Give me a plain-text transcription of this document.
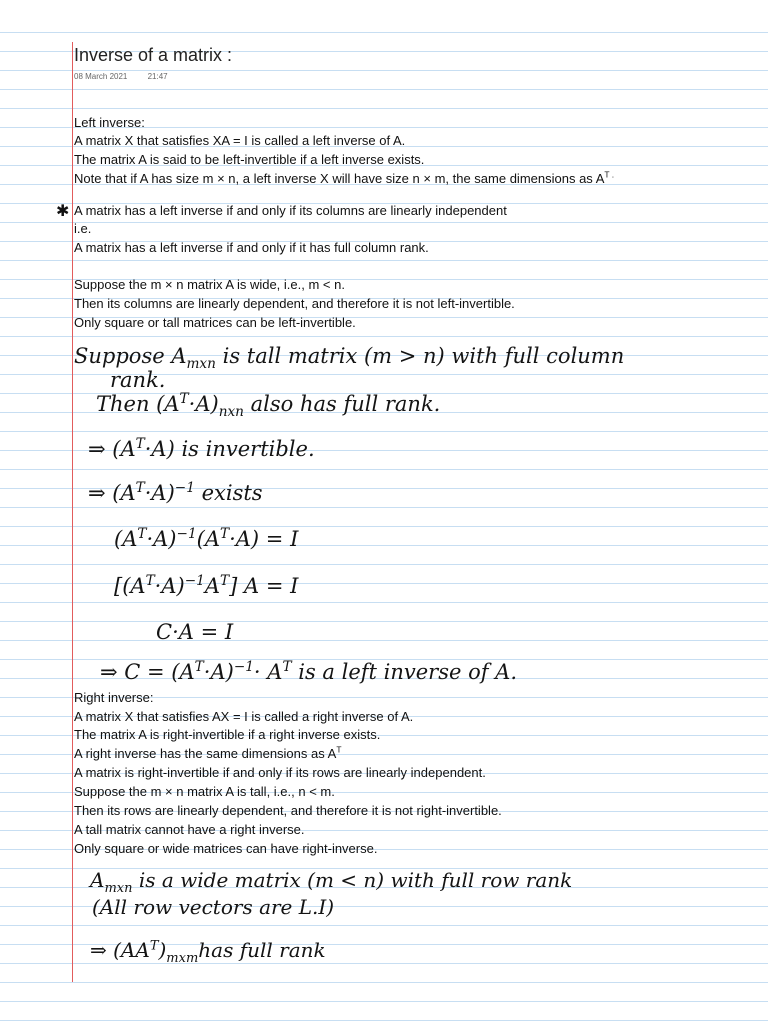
Inverse of a matrix :
08 March 2021	21:47
Left inverse:
A matrix X that satisfies XA = I is called a left inverse of A.
The matrix A is said to be left-invertible if a left inverse exists.
Note that if A has size m × n, a left inverse X will have size n × m, the same dimensions as $A^{T .}$
✱ A matrix has a left inverse if and only if its columns are linearly independent
i.e.
A matrix has a left inverse if and only if it has full column rank.
Suppose the m × n matrix A is wide, i.e., m < n.
Then its columns are linearly dependent, and therefore it is not left-invertible.
Only square or tall matrices can be left-invertible.
Suppose $A_{mxn}$ is tall matrix (m > n) with full column
rank.
Then $(A^T\cdot A)_{nxn}$ also has full rank.
⇒ $(A^T\cdot A)$ is invertible.
⇒ $(A^T\cdot A)^{-1}$ exists
$(A^T\cdot A)^{-1}(A^T\cdot A) = I$
$[(A^T\cdot A)^{-1}A^T] A = I$
C·A = I
⇒ $C = (A^T\cdot A)^{-1}\cdot A^T$ is a left inverse of A.
Right inverse:
A matrix X that satisfies AX = I is called a right inverse of A.
The matrix A is right-invertible if a right inverse exists.
A right inverse has the same dimensions as $A^T$
A matrix is right-invertible if and only if its rows are linearly independent.
Suppose the m × n matrix A is tall, i.e., n < m.
Then its rows are linearly dependent, and therefore it is not right-invertible.
A tall matrix cannot have a right inverse.
Only square or wide matrices can have right-inverse.
$A_{mxn}$ is a wide matrix (m < n) with full row rank
(All row vectors are L.I)
⇒ $(AA^T)_{mxm}has$ full rank
